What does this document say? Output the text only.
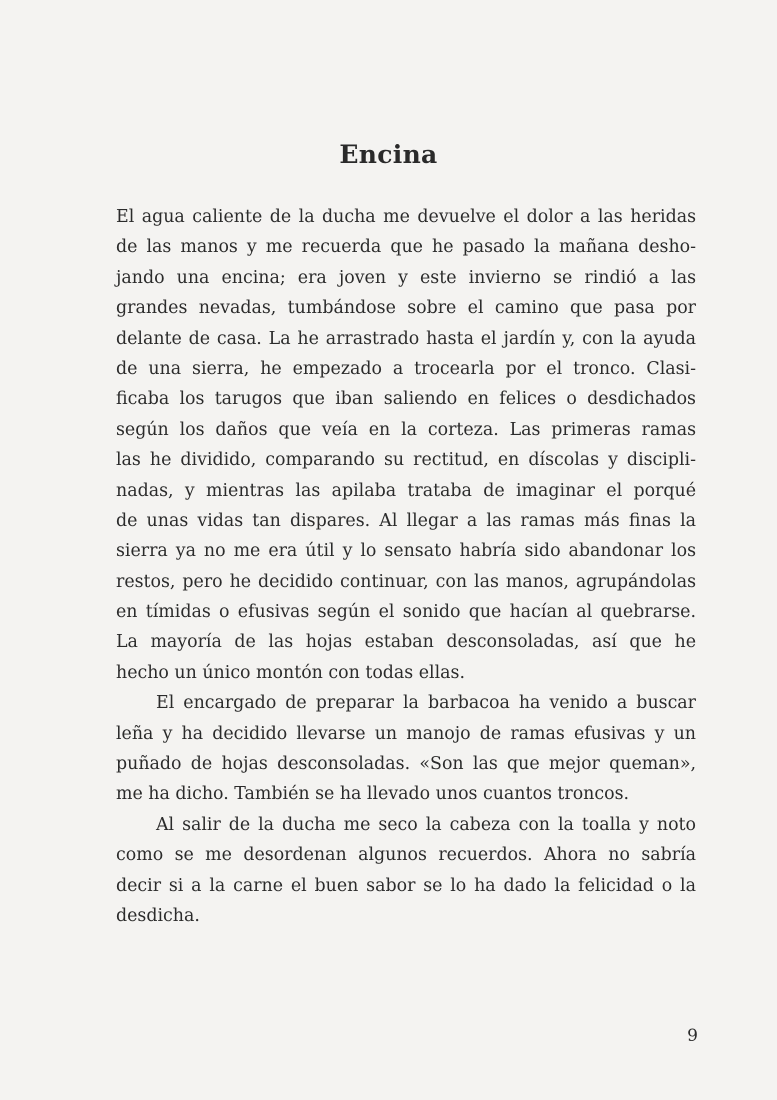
Encina
El agua caliente de la ducha me devuelve el dolor a las heridas
de las manos y me recuerda que he pasado la mañana desho-
jando una encina; era joven y este invierno se rindió a las
grandes nevadas, tumbándose sobre el camino que pasa por
delante de casa. La he arrastrado hasta el jardín y, con la ayuda
de una sierra, he empezado a trocearla por el tronco. Clasi-
ficaba los tarugos que iban saliendo en felices o desdichados
según los daños que veía en la corteza. Las primeras ramas
las he dividido, comparando su rectitud, en díscolas y discipli-
nadas, y mientras las apilaba trataba de imaginar el porqué
de unas vidas tan dispares. Al llegar a las ramas más finas la
sierra ya no me era útil y lo sensato habría sido abandonar los
restos, pero he decidido continuar, con las manos, agrupándolas
en tímidas o efusivas según el sonido que hacían al quebrarse.
La mayoría de las hojas estaban desconsoladas, así que he
hecho un único montón con todas ellas.
El encargado de preparar la barbacoa ha venido a buscar
leña y ha decidido llevarse un manojo de ramas efusivas y un
puñado de hojas desconsoladas. «Son las que mejor queman»,
me ha dicho. También se ha llevado unos cuantos troncos.
Al salir de la ducha me seco la cabeza con la toalla y noto
como se me desordenan algunos recuerdos. Ahora no sabría
decir si a la carne el buen sabor se lo ha dado la felicidad o la
desdicha.
9
